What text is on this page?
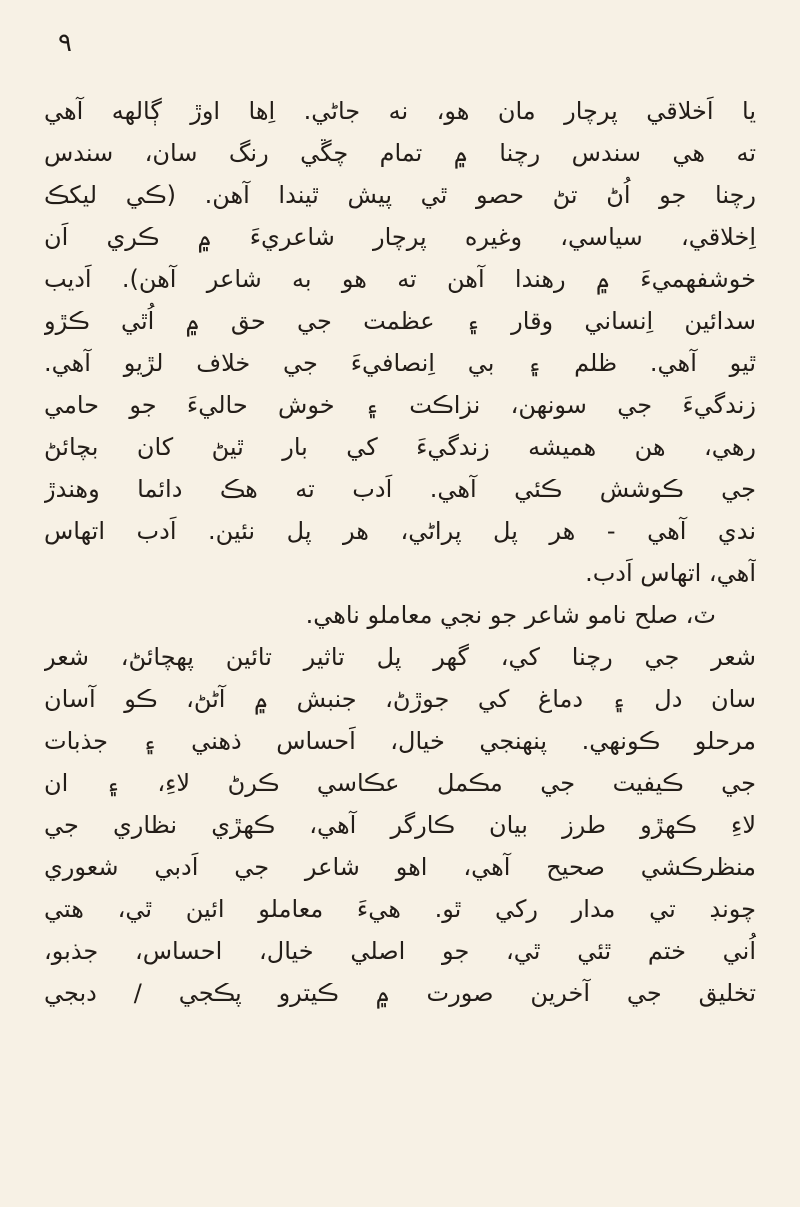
٩
يا اَخلاقي پرچار مان هو، نه جاڻي. اِها اوڙ ڳالهه آهي
ته هي سندس رچنا ۾ تمام چڱي رنگ سان، سندس
رچنا جو اُڻ تڻ حصو ٿي پيش ٿيندا آهن. (ڪي ليکڪ
اِخلاقي، سياسي، وغيره پرچار شاعريءَ ۾ ڪري اَن
خوشفهميءَ ۾ رهندا آهن ته هو به شاعر آهن). اَديب
سدائين اِنساني وقار ۽ عظمت جي حق ۾ اُٿي ڪڙو
ٿيو آهي. ظلم ۽ بي اِنصافيءَ جي خلاف لڙيو آهي.
زندگيءَ جي سونهن، نزاڪت ۽ خوش حاليءَ جو حامي
رهي، هن هميشه زندگيءَ کي بار ٿيڻ کان بچائڻ
جي ڪوشش ڪئي آهي. اَدب ته هڪ دائما وهندڙ
ندي آهي - هر پل پراڻي، هر پل نئين. اَدب اتهاس
آهي، اتهاس اَدب.
ٽ، صلح نامو شاعر جو نجي معاملو ناهي.
شعر جي رچنا کي، گهر پل تاثير تائين پهچائڻ، شعر
سان دل ۽ دماغ کي جوڙڻ، جنبش ۾ آڻڻ، ڪو آسان
مرحلو ڪونهي. پنهنجي خيال، اَحساس ذهني ۽ جذبات
جي ڪيفيت جي مڪمل عڪاسي ڪرڻ لاءِ، ۽ ان
لاءِ ڪهڙو طرز بيان ڪارگر آهي، ڪهڙي نظاري جي
منظرڪشي صحيح آهي، اهو شاعر جي اَدبي شعوري
چونڊ تي مدار رکي ٿو. هيءَ معاملو ائين ٿي، هتي
اُني ختم ٿئي ٿي، جو اصلي خيال، احساس، جذبو،
تخليق جي آخرين صورت ۾ ڪيترو پڪجي / دبجي
